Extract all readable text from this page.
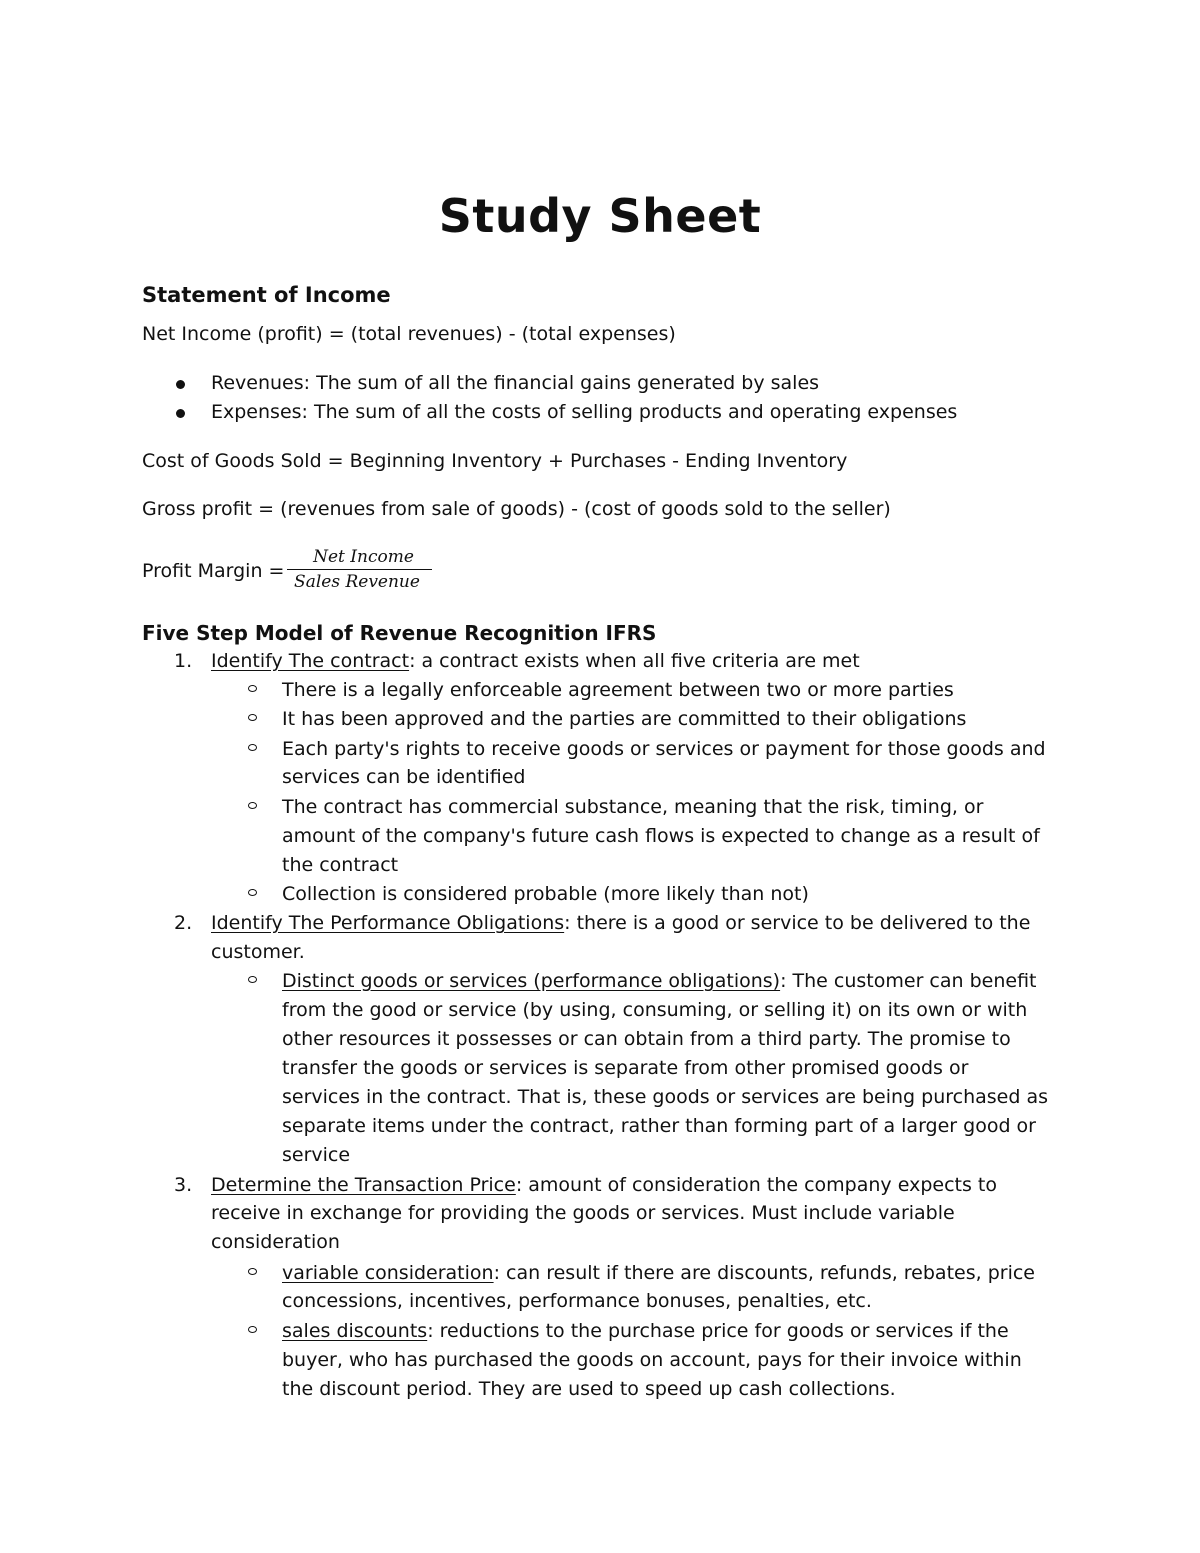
Study Sheet
Statement of Income
Net Income (profit) = (total revenues) - (total expenses)
Revenues: The sum of all the financial gains generated by sales
Expenses: The sum of all the costs of selling products and operating expenses
Cost of Goods Sold = Beginning Inventory + Purchases - Ending Inventory
Gross profit = (revenues from sale of goods) - (cost of goods sold to the seller)
Profit Margin =
Net Income
Sales Revenue
Five Step Model of Revenue Recognition IFRS
1. Identify The contract: a contract exists when all five criteria are met
There is a legally enforceable agreement between two or more parties
It has been approved and the parties are committed to their obligations
Each party's rights to receive goods or services or payment for those goods and
services can be identified
The contract has commercial substance, meaning that the risk, timing, or
amount of the company's future cash flows is expected to change as a result of
the contract
Collection is considered probable (more likely than not)
2. Identify The Performance Obligations: there is a good or service to be delivered to the
customer.
Distinct goods or services (performance obligations): The customer can benefit
from the good or service (by using, consuming, or selling it) on its own or with
other resources it possesses or can obtain from a third party. The promise to
transfer the goods or services is separate from other promised goods or
services in the contract. That is, these goods or services are being purchased as
separate items under the contract, rather than forming part of a larger good or
service
3. Determine the Transaction Price: amount of consideration the company expects to
receive in exchange for providing the goods or services. Must include variable
consideration
variable consideration: can result if there are discounts, refunds, rebates, price
concessions, incentives, performance bonuses, penalties, etc.
sales discounts: reductions to the purchase price for goods or services if the
buyer, who has purchased the goods on account, pays for their invoice within
the discount period. They are used to speed up cash collections.
